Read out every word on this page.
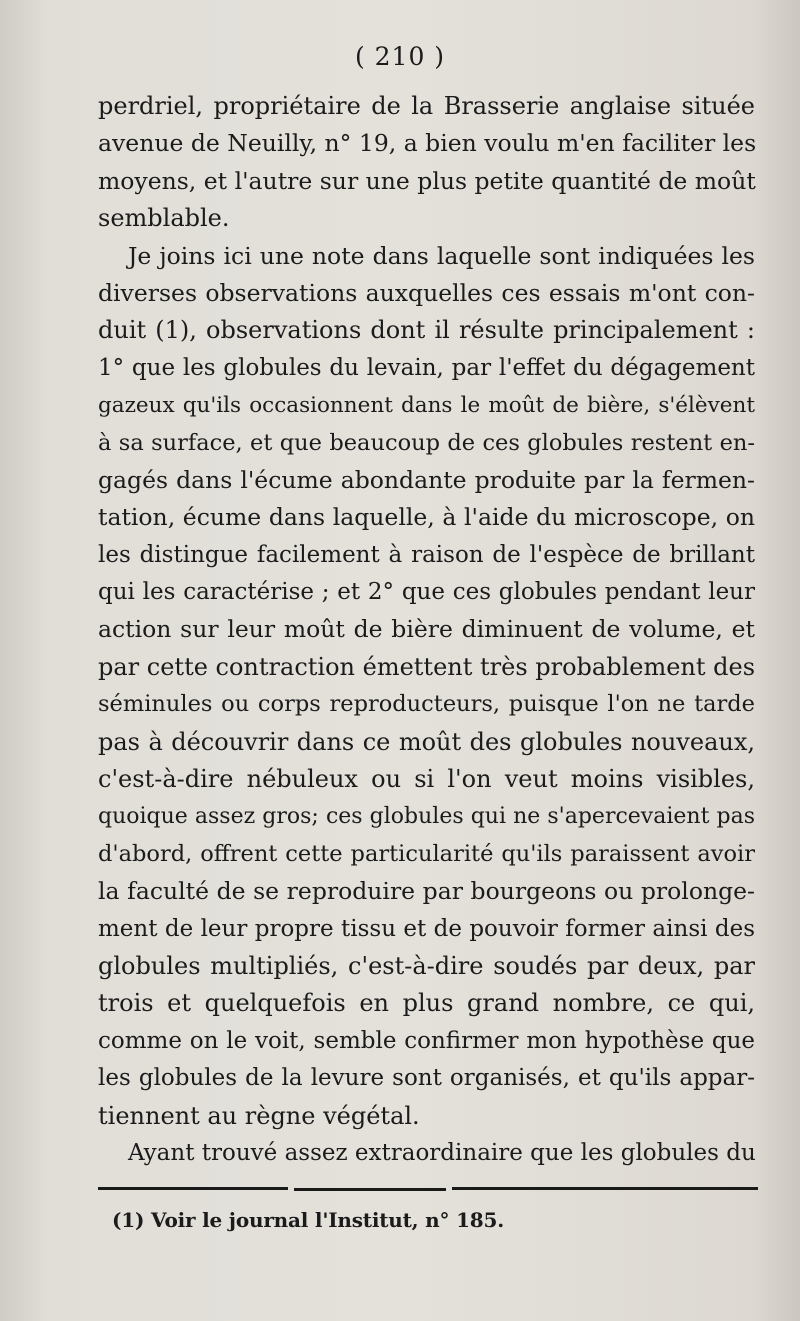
( 210 )
perdriel, propriétaire de la Brasserie anglaise située
avenue de Neuilly, n° 19, a bien voulu m'en faciliter les
moyens, et l'autre sur une plus petite quantité de moût
semblable.
Je joins ici une note dans laquelle sont indiquées les
diverses observations auxquelles ces essais m'ont con-
duit (1), observations dont il résulte principalement :
1° que les globules du levain, par l'effet du dégagement
gazeux qu'ils occasionnent dans le moût de bière, s'élèvent
à sa surface, et que beaucoup de ces globules restent en-
gagés dans l'écume abondante produite par la fermen-
tation, écume dans laquelle, à l'aide du microscope, on
les distingue facilement à raison de l'espèce de brillant
qui les caractérise ; et 2° que ces globules pendant leur
action sur leur moût de bière diminuent de volume, et
par cette contraction émettent très probablement des
séminules ou corps reproducteurs, puisque l'on ne tarde
pas à découvrir dans ce moût des globules nouveaux,
c'est-à-dire nébuleux ou si l'on veut moins visibles,
quoique assez gros; ces globules qui ne s'apercevaient pas
d'abord, offrent cette particularité qu'ils paraissent avoir
la faculté de se reproduire par bourgeons ou prolonge-
ment de leur propre tissu et de pouvoir former ainsi des
globules multipliés, c'est-à-dire soudés par deux, par
trois et quelquefois en plus grand nombre, ce qui,
comme on le voit, semble confirmer mon hypothèse que
les globules de la levure sont organisés, et qu'ils appar-
tiennent au règne végétal.
Ayant trouvé assez extraordinaire que les globules du
(1) Voir le journal l'Institut, n° 185.
